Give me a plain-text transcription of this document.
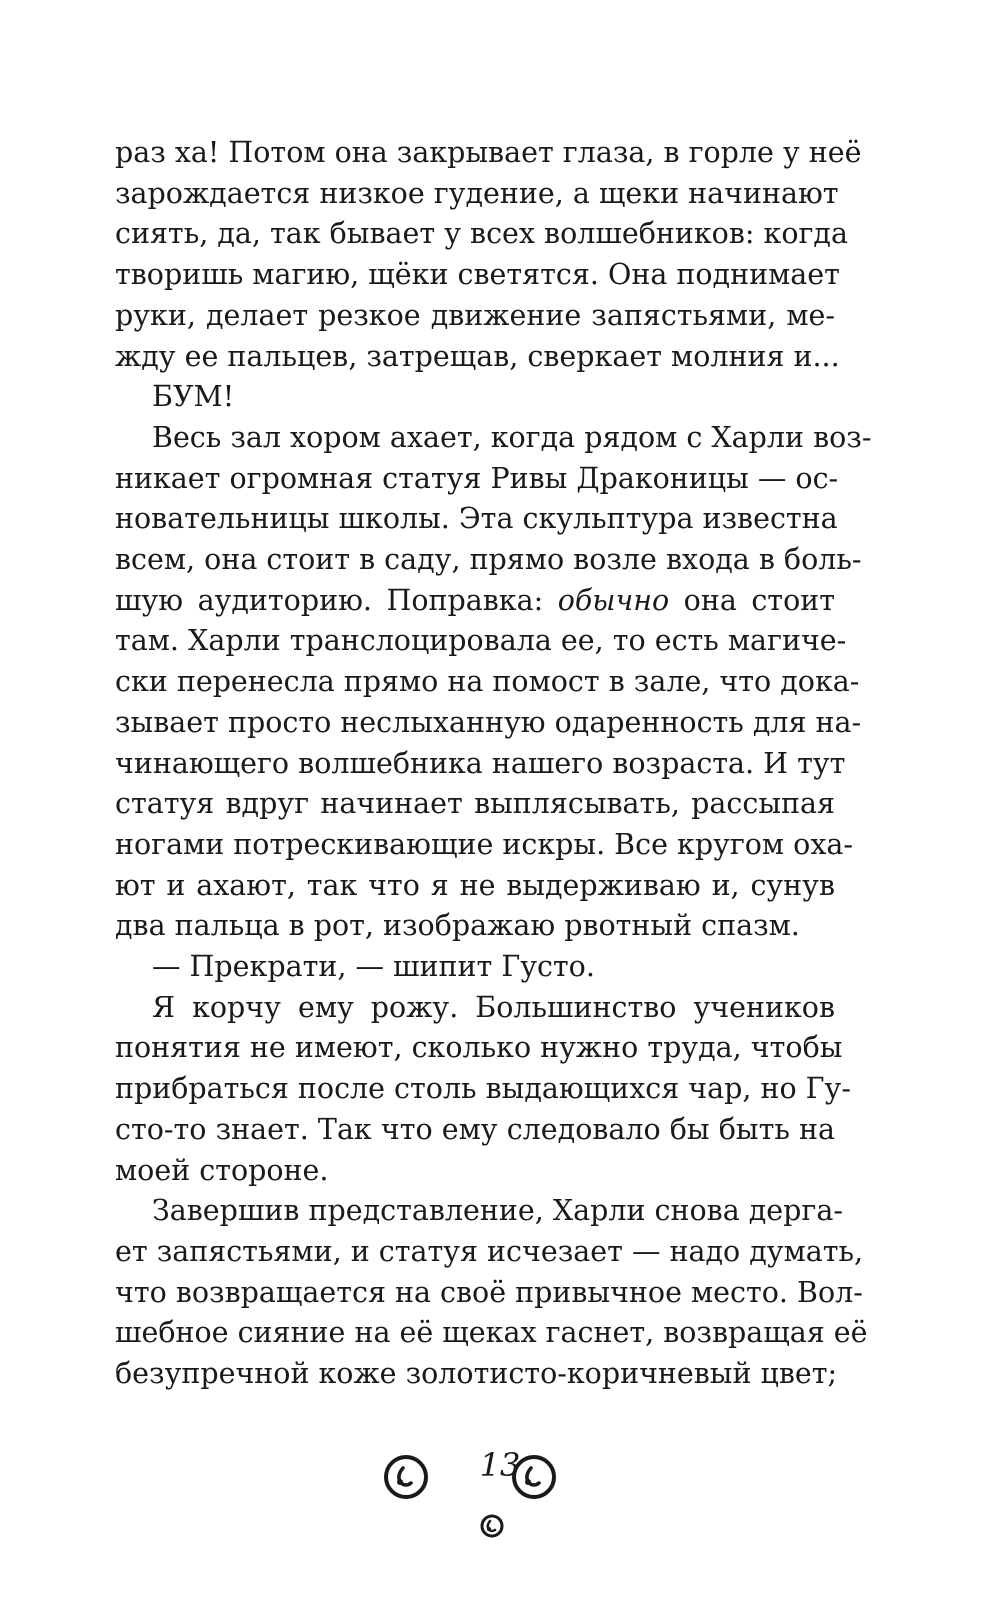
раз ха! Потом она закрывает глаза, в горле у неё
зарождается низкое гудение, а щеки начинают
сиять, да, так бывает у всех волшебников: когда
творишь магию, щёки светятся. Она поднимает
руки, делает резкое движение запястьями, ме-
жду ее пальцев, затрещав, сверкает молния и...
БУМ!
Весь зал хором ахает, когда рядом с Харли воз-
никает огромная статуя Ривы Драконицы — ос-
новательницы школы. Эта скульптура известна
всем, она стоит в саду, прямо возле входа в боль-
шую аудиторию. Поправка: обычно она стоит
там. Харли транслоцировала ее, то есть магиче-
ски перенесла прямо на помост в зале, что дока-
зывает просто неслыханную одаренность для на-
чинающего волшебника нашего возраста. И тут
статуя вдруг начинает выплясывать, рассыпая
ногами потрескивающие искры. Все кругом оха-
ют и ахают, так что я не выдерживаю и, сунув
два пальца в рот, изображаю рвотный спазм.
— Прекрати, — шипит Густо.
Я корчу ему рожу. Большинство учеников
понятия не имеют, сколько нужно труда, чтобы
прибраться после столь выдающихся чар, но Гу-
сто-то знает. Так что ему следовало бы быть на
моей стороне.
Завершив представление, Харли снова дергa-
ет запястьями, и статуя исчезает — надо думать,
что возвращается на своё привычное место. Вол-
шебное сияние на её щеках гаснет, возвращая её
безупречной коже золотисто-коричневый цвет;
13
